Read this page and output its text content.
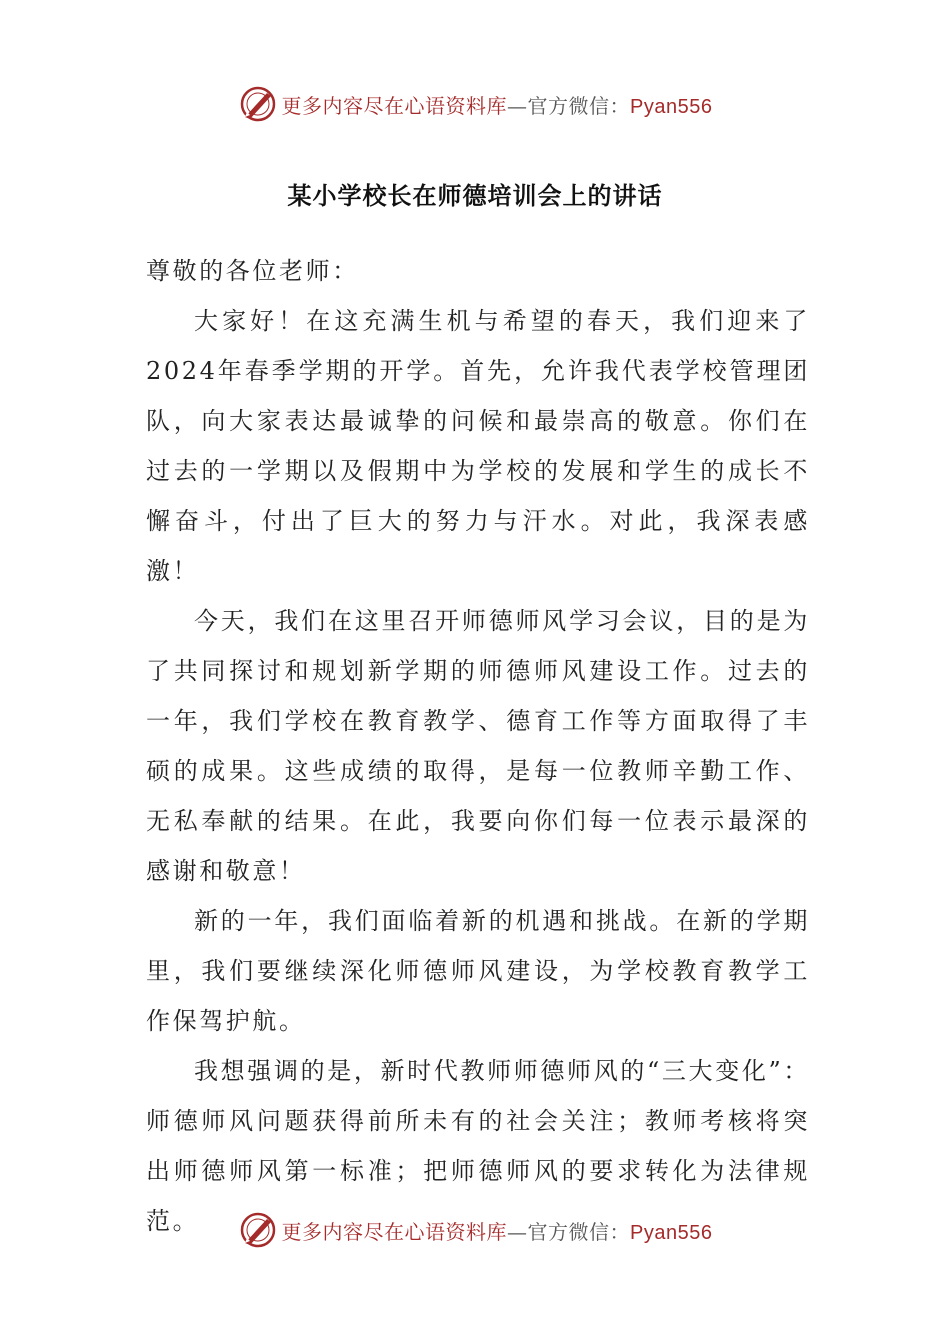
更多内容尽在心语资料库—官方微信：Pyan556
某小学校长在师德培训会上的讲话

尊敬的各位老师：

大家好！在这充满生机与希望的春天，我们迎来了2024年春季学期的开学。首先，允许我代表学校管理团队，向大家表达最诚挚的问候和最崇高的敬意。你们在过去的一学期以及假期中为学校的发展和学生的成长不懈奋斗，付出了巨大的努力与汗水。对此，我深表感激！

今天，我们在这里召开师德师风学习会议，目的是为了共同探讨和规划新学期的师德师风建设工作。过去的一年，我们学校在教育教学、德育工作等方面取得了丰硕的成果。这些成绩的取得，是每一位教师辛勤工作、无私奉献的结果。在此，我要向你们每一位表示最深的感谢和敬意！

新的一年，我们面临着新的机遇和挑战。在新的学期里，我们要继续深化师德师风建设，为学校教育教学工作保驾护航。

我想强调的是，新时代教师师德师风的“三大变化”：师德师风问题获得前所未有的社会关注；教师考核将突出师德师风第一标准；把师德师风的要求转化为法律规范。	更多内容尽在心语资料库—官方微信：Pyan556
